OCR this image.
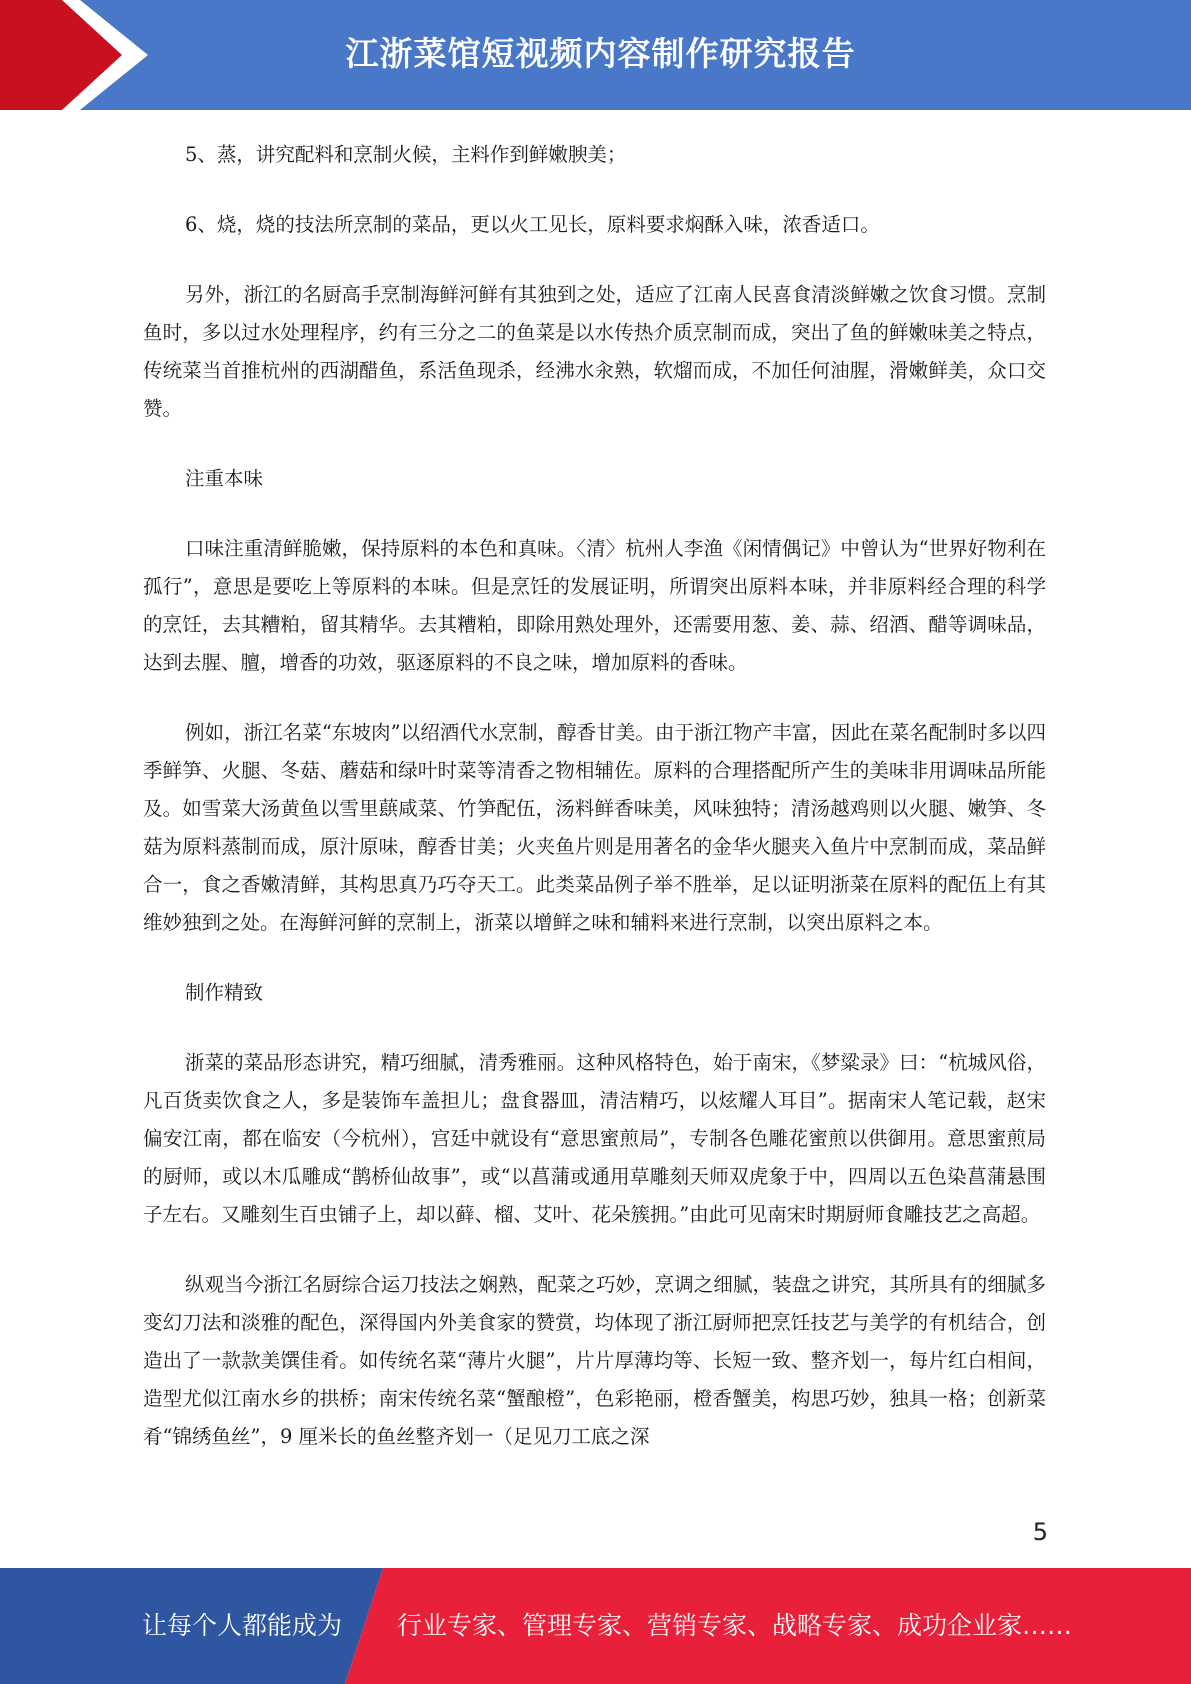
江浙菜馆短视频内容制作研究报告

5、蒸，讲究配料和烹制火候，主料作到鲜嫩腴美；

6、烧，烧的技法所烹制的菜品，更以火工见长，原料要求焖酥入味，浓香适口。

另外，浙江的名厨高手烹制海鲜河鲜有其独到之处，适应了江南人民喜食清淡鲜嫩之饮食习惯。烹制鱼时，多以过水处理程序，约有三分之二的鱼菜是以水传热介质烹制而成，突出了鱼的鲜嫩味美之特点，传统菜当首推杭州的西湖醋鱼，系活鱼现杀，经沸水汆熟，软熘而成，不加任何油腥，滑嫩鲜美，众口交赞。

注重本味

口味注重清鲜脆嫩，保持原料的本色和真味。〈清〉杭州人李渔《闲情偶记》中曾认为“世界好物利在孤行”，意思是要吃上等原料的本味。但是烹饪的发展证明，所谓突出原料本味，并非原料经合理的科学的烹饪，去其糟粕，留其精华。去其糟粕，即除用熟处理外，还需要用葱、姜、蒜、绍酒、醋等调味品，达到去腥、膻，增香的功效，驱逐原料的不良之味，增加原料的香味。

例如，浙江名菜“东坡肉”以绍酒代水烹制，醇香甘美。由于浙江物产丰富，因此在菜名配制时多以四季鲜笋、火腿、冬菇、蘑菇和绿叶时菜等清香之物相辅佐。原料的合理搭配所产生的美味非用调味品所能及。如雪菜大汤黄鱼以雪里蕻咸菜、竹笋配伍，汤料鲜香味美，风味独特；清汤越鸡则以火腿、嫩笋、冬菇为原料蒸制而成，原汁原味，醇香甘美；火夹鱼片则是用著名的金华火腿夹入鱼片中烹制而成，菜品鲜合一，食之香嫩清鲜，其构思真乃巧夺天工。此类菜品例子举不胜举，足以证明浙菜在原料的配伍上有其维妙独到之处。在海鲜河鲜的烹制上，浙菜以增鲜之味和辅料来进行烹制，以突出原料之本。

制作精致

浙菜的菜品形态讲究，精巧细腻，清秀雅丽。这种风格特色，始于南宋，《梦粱录》曰：“杭城风俗，凡百货卖饮食之人，多是装饰车盖担儿；盘食器皿，清洁精巧，以炫耀人耳目”。据南宋人笔记载，赵宋偏安江南，都在临安（今杭州），宫廷中就设有“意思蜜煎局”，专制各色雕花蜜煎以供御用。意思蜜煎局的厨师，或以木瓜雕成“鹊桥仙故事”，或“以菖蒲或通用草雕刻天师双虎象于中，四周以五色染菖蒲悬围子左右。又雕刻生百虫铺子上，却以藓、榴、艾叶、花朵簇拥。”由此可见南宋时期厨师食雕技艺之高超。

纵观当今浙江名厨综合运刀技法之娴熟，配菜之巧妙，烹调之细腻，装盘之讲究，其所具有的细腻多变幻刀法和淡雅的配色，深得国内外美食家的赞赏，均体现了浙江厨师把烹饪技艺与美学的有机结合，创造出了一款款美馔佳肴。如传统名菜“薄片火腿”，片片厚薄均等、长短一致、整齐划一，每片红白相间，造型尤似江南水乡的拱桥；南宋传统名菜“蟹酿橙”，色彩艳丽，橙香蟹美，构思巧妙，独具一格；创新菜肴“锦绣鱼丝”，9 厘米长的鱼丝整齐划一（足见刀工底之深

5
让每个人都能成为 行业专家、管理专家、营销专家、战略专家、成功企业家……
